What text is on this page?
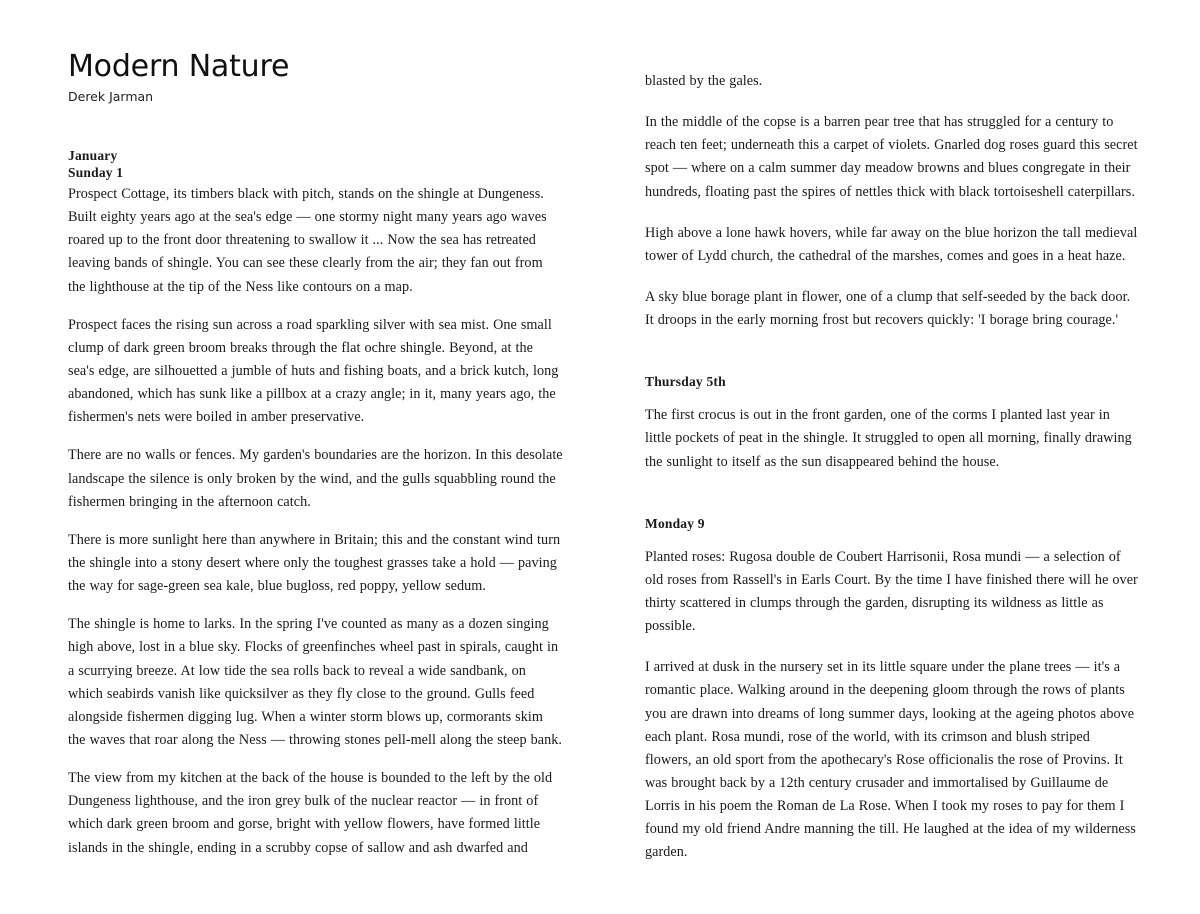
Modern Nature
Derek Jarman
January
Sunday 1

Prospect Cottage, its timbers black with pitch, stands on the shingle at Dungeness. Built eighty years ago at the sea's edge — one stormy night many years ago waves roared up to the front door threatening to swallow it ... Now the sea has retreated leaving bands of shingle. You can see these clearly from the air; they fan out from the lighthouse at the tip of the Ness like contours on a map.

Prospect faces the rising sun across a road sparkling silver with sea mist. One small clump of dark green broom breaks through the flat ochre shingle. Beyond, at the sea's edge, are silhouetted a jumble of huts and fishing boats, and a brick kutch, long abandoned, which has sunk like a pillbox at a crazy angle; in it, many years ago, the fishermen's nets were boiled in amber preservative.

There are no walls or fences. My garden's boundaries are the horizon. In this desolate landscape the silence is only broken by the wind, and the gulls squabbling round the fishermen bringing in the afternoon catch.

There is more sunlight here than anywhere in Britain; this and the constant wind turn the shingle into a stony desert where only the toughest grasses take a hold — paving the way for sage-green sea kale, blue bugloss, red poppy, yellow sedum.

The shingle is home to larks. In the spring I've counted as many as a dozen singing high above, lost in a blue sky. Flocks of greenfinches wheel past in spirals, caught in a scurrying breeze. At low tide the sea rolls back to reveal a wide sandbank, on which seabirds vanish like quicksilver as they fly close to the ground. Gulls feed alongside fishermen digging lug. When a winter storm blows up, cormorants skim the waves that roar along the Ness — throwing stones pell-mell along the steep bank.

The view from my kitchen at the back of the house is bounded to the left by the old Dungeness lighthouse, and the iron grey bulk of the nuclear reactor — in front of which dark green broom and gorse, bright with yellow flowers, have formed little islands in the shingle, ending in a scrubby copse of sallow and ash dwarfed and

blasted by the gales.

In the middle of the copse is a barren pear tree that has struggled for a century to reach ten feet; underneath this a carpet of violets. Gnarled dog roses guard this secret spot — where on a calm summer day meadow browns and blues congregate in their hundreds, floating past the spires of nettles thick with black tortoiseshell caterpillars.

High above a lone hawk hovers, while far away on the blue horizon the tall medieval tower of Lydd church, the cathedral of the marshes, comes and goes in a heat haze.

A sky blue borage plant in flower, one of a clump that self-seeded by the back door. It droops in the early morning frost but recovers quickly: 'I borage bring courage.'

Thursday 5th

The first crocus is out in the front garden, one of the corms I planted last year in little pockets of peat in the shingle. It struggled to open all morning, finally drawing the sunlight to itself as the sun disappeared behind the house.

Monday 9

Planted roses: Rugosa double de Coubert Harrisonii, Rosa mundi — a selection of old roses from Rassell's in Earls Court. By the time I have finished there will he over thirty scattered in clumps through the garden, disrupting its wildness as little as possible.

I arrived at dusk in the nursery set in its little square under the plane trees — it's a romantic place. Walking around in the deepening gloom through the rows of plants you are drawn into dreams of long summer days, looking at the ageing photos above each plant. Rosa mundi, rose of the world, with its crimson and blush striped flowers, an old sport from the apothecary's Rose officionalis the rose of Provins. It was brought back by a 12th century crusader and immortalised by Guillaume de Lorris in his poem the Roman de La Rose. When I took my roses to pay for them I found my old friend Andre manning the till. He laughed at the idea of my wilderness garden.
